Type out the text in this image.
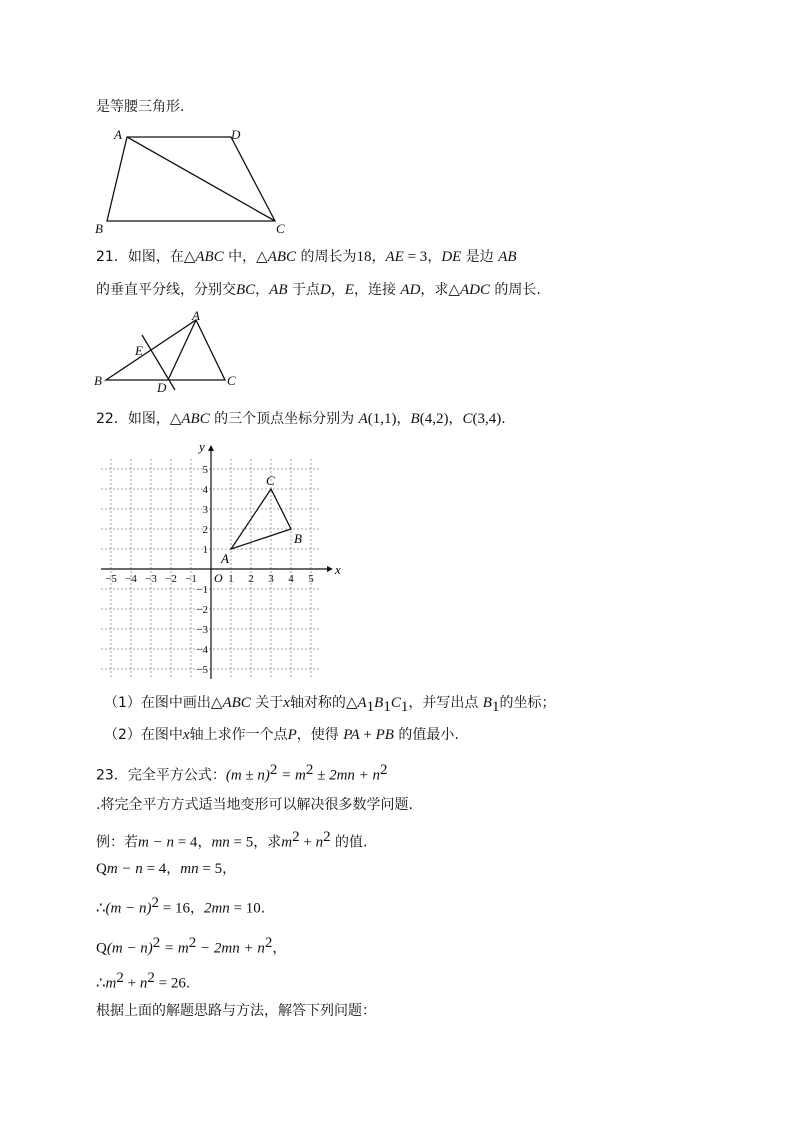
是等腰三角形.
A	D
B	C
21．如图，在△ABC 中，△ABC 的周长为18，AE = 3，DE 是边 AB
的垂直平分线，分别交BC，AB 于点D，E，连接 AD，求△ADC 的周长.
A
E
B	D	C
22．如图，△ABC 的三个顶点坐标分别为 A(1,1)，B(4,2)，C(3,4).
x
y
O
−5 −4 −3 −2 −1	1 2 3 4 5
5
4
3
2
1
−1
−2
−3
−4
−5
A
B
C
（1）在图中画出△ABC 关于x轴对称的$\triangle A_1B_1C_1$，并写出点 $B_1$的坐标；
（2）在图中x轴上求作一个点P，使得 PA + PB 的值最小.
23．完全平方公式：$(m \pm n)^2 = m^2 \pm 2mn + n^2$
.将完全平方方式适当地变形可以解决很多数学问题.
例：若m − n = 4，mn = 5，求$m^2 + n^2$ 的值.
Qm − n = 4，mn = 5，
∴(m − n)$^2$ = 16，2mn = 10.
$Q(m - n)^2 = m^2 - 2mn + n^2$，
$\therefore m^2 + n^2 = 26$.
根据上面的解题思路与方法，解答下列问题：
